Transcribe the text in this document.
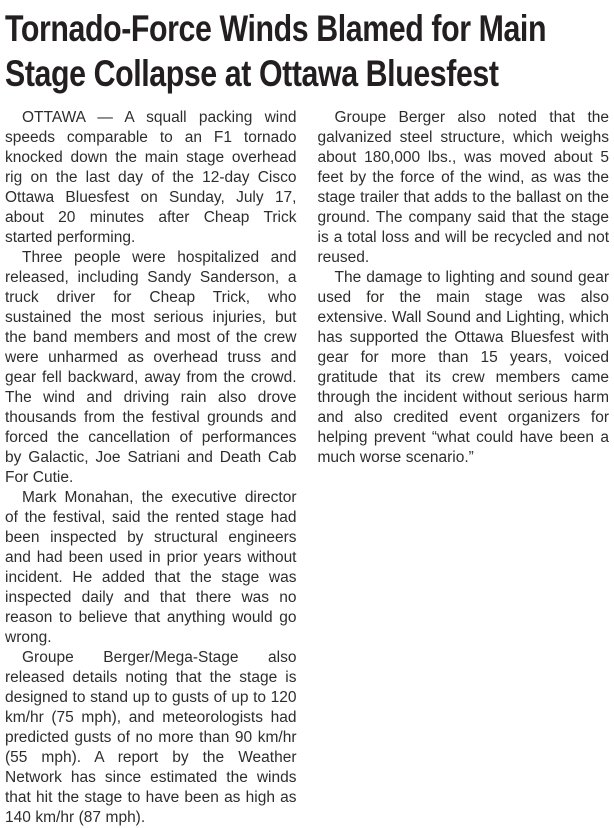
Tornado-Force Winds Blamed for Main
Stage Collapse at Ottawa Bluesfest

OTTAWA — A squall packing wind speeds comparable to an F1 tornado knocked down the main stage overhead rig on the last day of the 12-day Cisco Ottawa Bluesfest on Sunday, July 17, about 20 minutes after Cheap Trick started performing.

Three people were hospitalized and released, including Sandy Sanderson, a truck driver for Cheap Trick, who sustained the most serious injuries, but the band members and most of the crew were unharmed as overhead truss and gear fell backward, away from the crowd. The wind and driving rain also drove thousands from the festival grounds and forced the cancellation of performances by Galactic, Joe Satriani and Death Cab For Cutie.

Mark Monahan, the executive director of the festival, said the rented stage had been inspected by structural engineers and had been used in prior years without incident. He added that the stage was inspected daily and that there was no reason to believe that anything would go wrong.

Groupe Berger/Mega-Stage also released details noting that the stage is designed to stand up to gusts of up to 120 km/hr (75 mph), and meteorologists had predicted gusts of no more than 90 km/hr (55 mph). A report by the Weather Network has since estimated the winds that hit the stage to have been as high as 140 km/hr (87 mph).

Groupe Berger also noted that the galvanized steel structure, which weighs about 180,000 lbs., was moved about 5 feet by the force of the wind, as was the stage trailer that adds to the ballast on the ground. The company said that the stage is a total loss and will be recycled and not reused.

The damage to lighting and sound gear used for the main stage was also extensive. Wall Sound and Lighting, which has supported the Ottawa Bluesfest with gear for more than 15 years, voiced gratitude that its crew members came through the incident without serious harm and also credited event organizers for helping prevent “what could have been a much worse scenario.”
